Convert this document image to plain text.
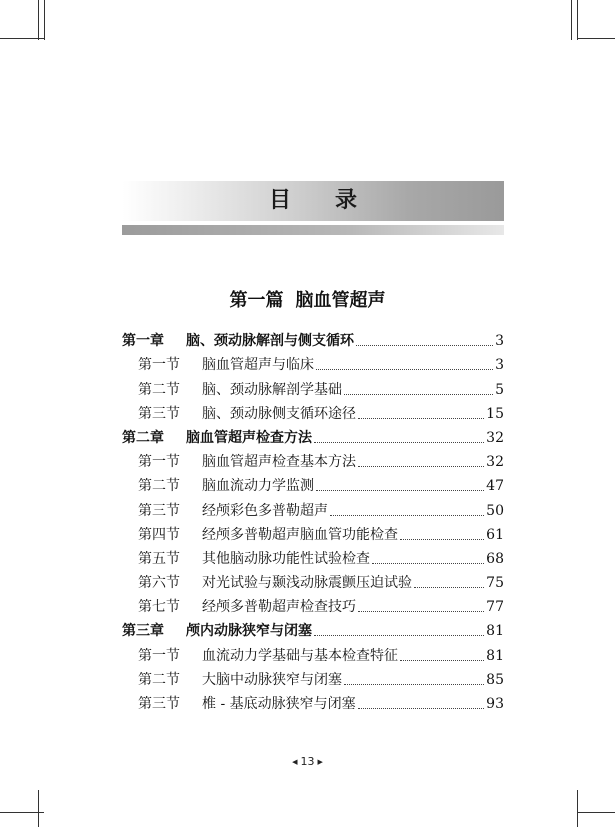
目录
第一篇 脑血管超声
第一章	脑、颈动脉解剖与侧支循环	3
第一节	脑血管超声与临床	3
第二节	脑、颈动脉解剖学基础	5
第三节	脑、颈动脉侧支循环途径	15
第二章	脑血管超声检查方法	32
第一节	脑血管超声检查基本方法	32
第二节	脑血流动力学监测	47
第三节	经颅彩色多普勒超声	50
第四节	经颅多普勒超声脑血管功能检查	61
第五节	其他脑动脉功能性试验检查	68
第六节	对光试验与颞浅动脉震颤压迫试验	75
第七节	经颅多普勒超声检查技巧	77
第三章	颅内动脉狭窄与闭塞	81
第一节	血流动力学基础与基本检查特征	81
第二节	大脑中动脉狭窄与闭塞	85
第三节	椎 - 基底动脉狭窄与闭塞	93
◀ 13 ▶
